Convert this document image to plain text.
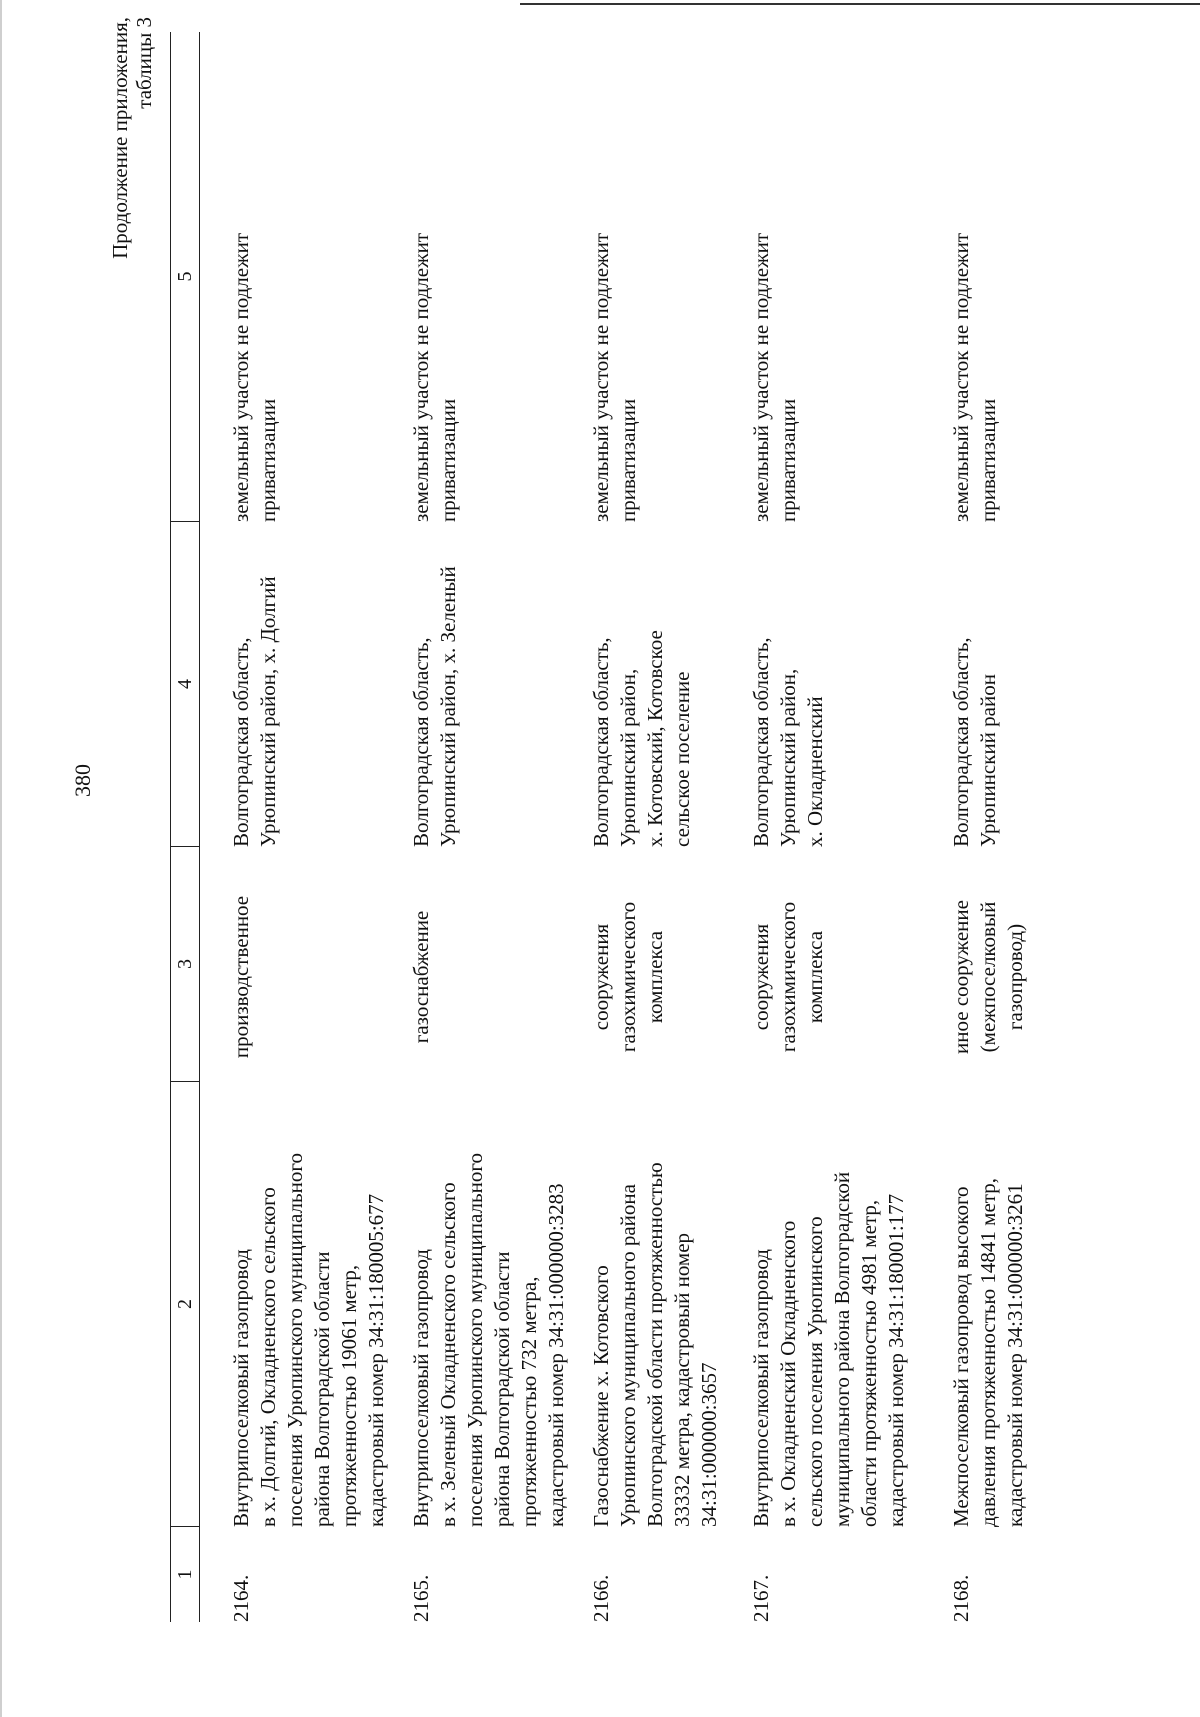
380
Продолжение приложения, таблицы 3
1
2
3
4
5
2164.
Внутрипоселковый газопровод
в х. Долгий, Окладненского сельского
поселения Урюпинского муниципального
района Волгоградской области
протяженностью 19061 метр,
кадастровый номер 34:31:180005:677
производственное
Волгоградская область,
Урюпинский район, х. Долгий
земельный участок не подлежит
приватизации
2165.
Внутрипоселковый газопровод
в х. Зеленый Окладненского сельского
поселения Урюпинского муниципального
района Волгоградской области
протяженностью 732 метра,
кадастровый номер 34:31:000000:3283
газоснабжение
Волгоградская область,
Урюпинский район, х. Зеленый
земельный участок не подлежит
приватизации
2166.
Газоснабжение х. Котовского
Урюпинского муниципального района
Волгоградской области протяженностью
33332 метра, кадастровый номер
34:31:000000:3657
сооружения
газохимического
комплекса
Волгоградская область,
Урюпинский район,
х. Котовский, Котовское
сельское поселение
земельный участок не подлежит
приватизации
2167.
Внутрипоселковый газопровод
в х. Окладненский Окладненского
сельского поселения Урюпинского
муниципального района Волгоградской
области протяженностью 4981 метр,
кадастровый номер 34:31:180001:177
сооружения
газохимического
комплекса
Волгоградская область,
Урюпинский район,
х. Окладненский
земельный участок не подлежит
приватизации
2168.
Межпоселковый газопровод высокого
давления протяженностью 14841 метр,
кадастровый номер 34:31:000000:3261
иное сооружение
(межпоселковый
газопровод)
Волгоградская область,
Урюпинский район
земельный участок не подлежит
приватизации
